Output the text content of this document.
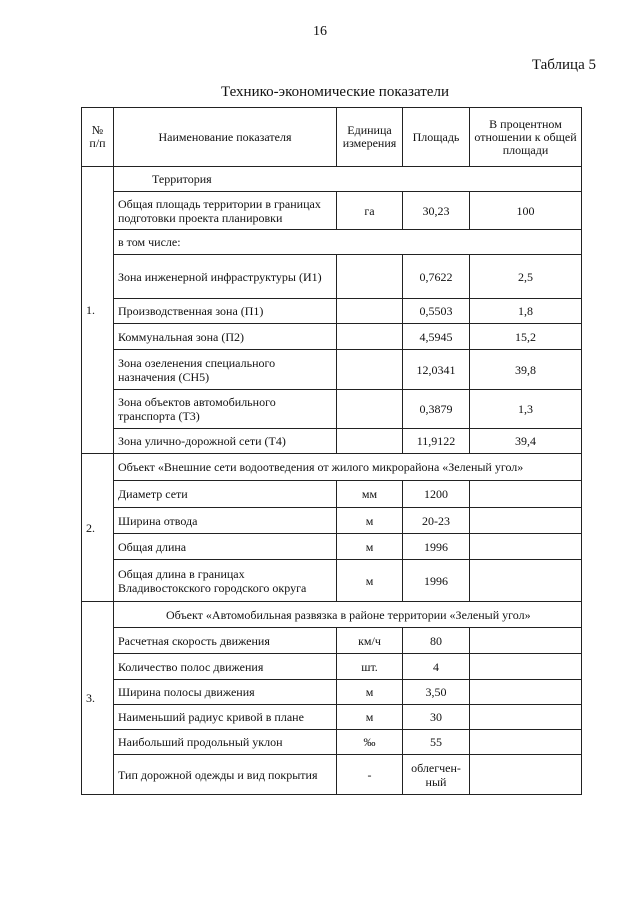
16
Таблица 5
Технико-экономические показатели
№ п/п	Наименование показателя	Единица измерения	Площадь	В процентном отношении к общей площади
1.	Территория			
	Общая площадь территории в границах подготовки проекта планировки	га	30,23	100
	в том числе:			
	Зона инженерной инфраструктуры (И1)		0,7622	2,5
	Производственная зона (П1)		0,5503	1,8
	Коммунальная зона (П2)		4,5945	15,2
	Зона озеленения специального назначения (СН5)		12,0341	39,8
	Зона объектов автомобильного транспорта (Т3)		0,3879	1,3
	Зона улично-дорожной сети (Т4)		11,9122	39,4
2.	Объект «Внешние сети водоотведения от жилого микрорайона «Зеленый угол»			
	Диаметр сети	мм	1200	
	Ширина отвода	м	20-23	
	Общая длина	м	1996	
	Общая длина в границах Владивостокского городского округа	м	1996	
3.	Объект «Автомобильная развязка в районе территории «Зеленый угол»			
	Расчетная скорость движения	км/ч	80	
	Количество полос движения	шт.	4	
	Ширина полосы движения	м	3,50	
	Наименьший радиус кривой в плане	м	30	
	Наибольший продольный уклон	‰	55	
	Тип дорожной одежды и вид покрытия	-	облегчен-ный	
